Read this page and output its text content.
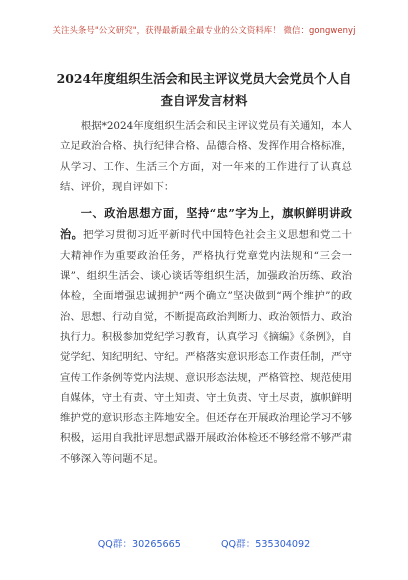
关注头条号"公文研究"，获得最新最全最专业的公文资料库！ 微信：gongwenyj
2024年度组织生活会和民主评议党员大会党员个人自查自评发言材料

根据*2024年度组织生活会和民主评议党员有关通知，本人立足政治合格、执行纪律合格、品德合格、发挥作用合格标准，从学习、工作、生活三个方面，对一年来的工作进行了认真总结、评价，现自评如下：

一、政治思想方面，坚持“忠”字为上，旗帜鲜明讲政治。把学习贯彻习近平新时代中国特色社会主义思想和党二十大精神作为重要政治任务，严格执行党章党内法规和“三会一课”、组织生活会、谈心谈话等组织生活，加强政治历练、政治体检，全面增强忠诚拥护“两个确立”坚决做到“两个维护”的政治、思想、行动自觉，不断提高政治判断力、政治领悟力、政治执行力。积极参加党纪学习教育，认真学习《摘编》《条例》，自觉学纪、知纪明纪、守纪。严格落实意识形态工作责任制，严守宣传工作条例等党内法规、意识形态法规，严格管控、规范使用自媒体，守土有责、守土知责、守土负责、守土尽责，旗帜鲜明维护党的意识形态主阵地安全。但还存在开展政治理论学习不够积极，运用自我批评思想武器开展政治体检还不够经常不够严肃不够深入等问题不足。

QQ群：30265665	QQ群：535304092
